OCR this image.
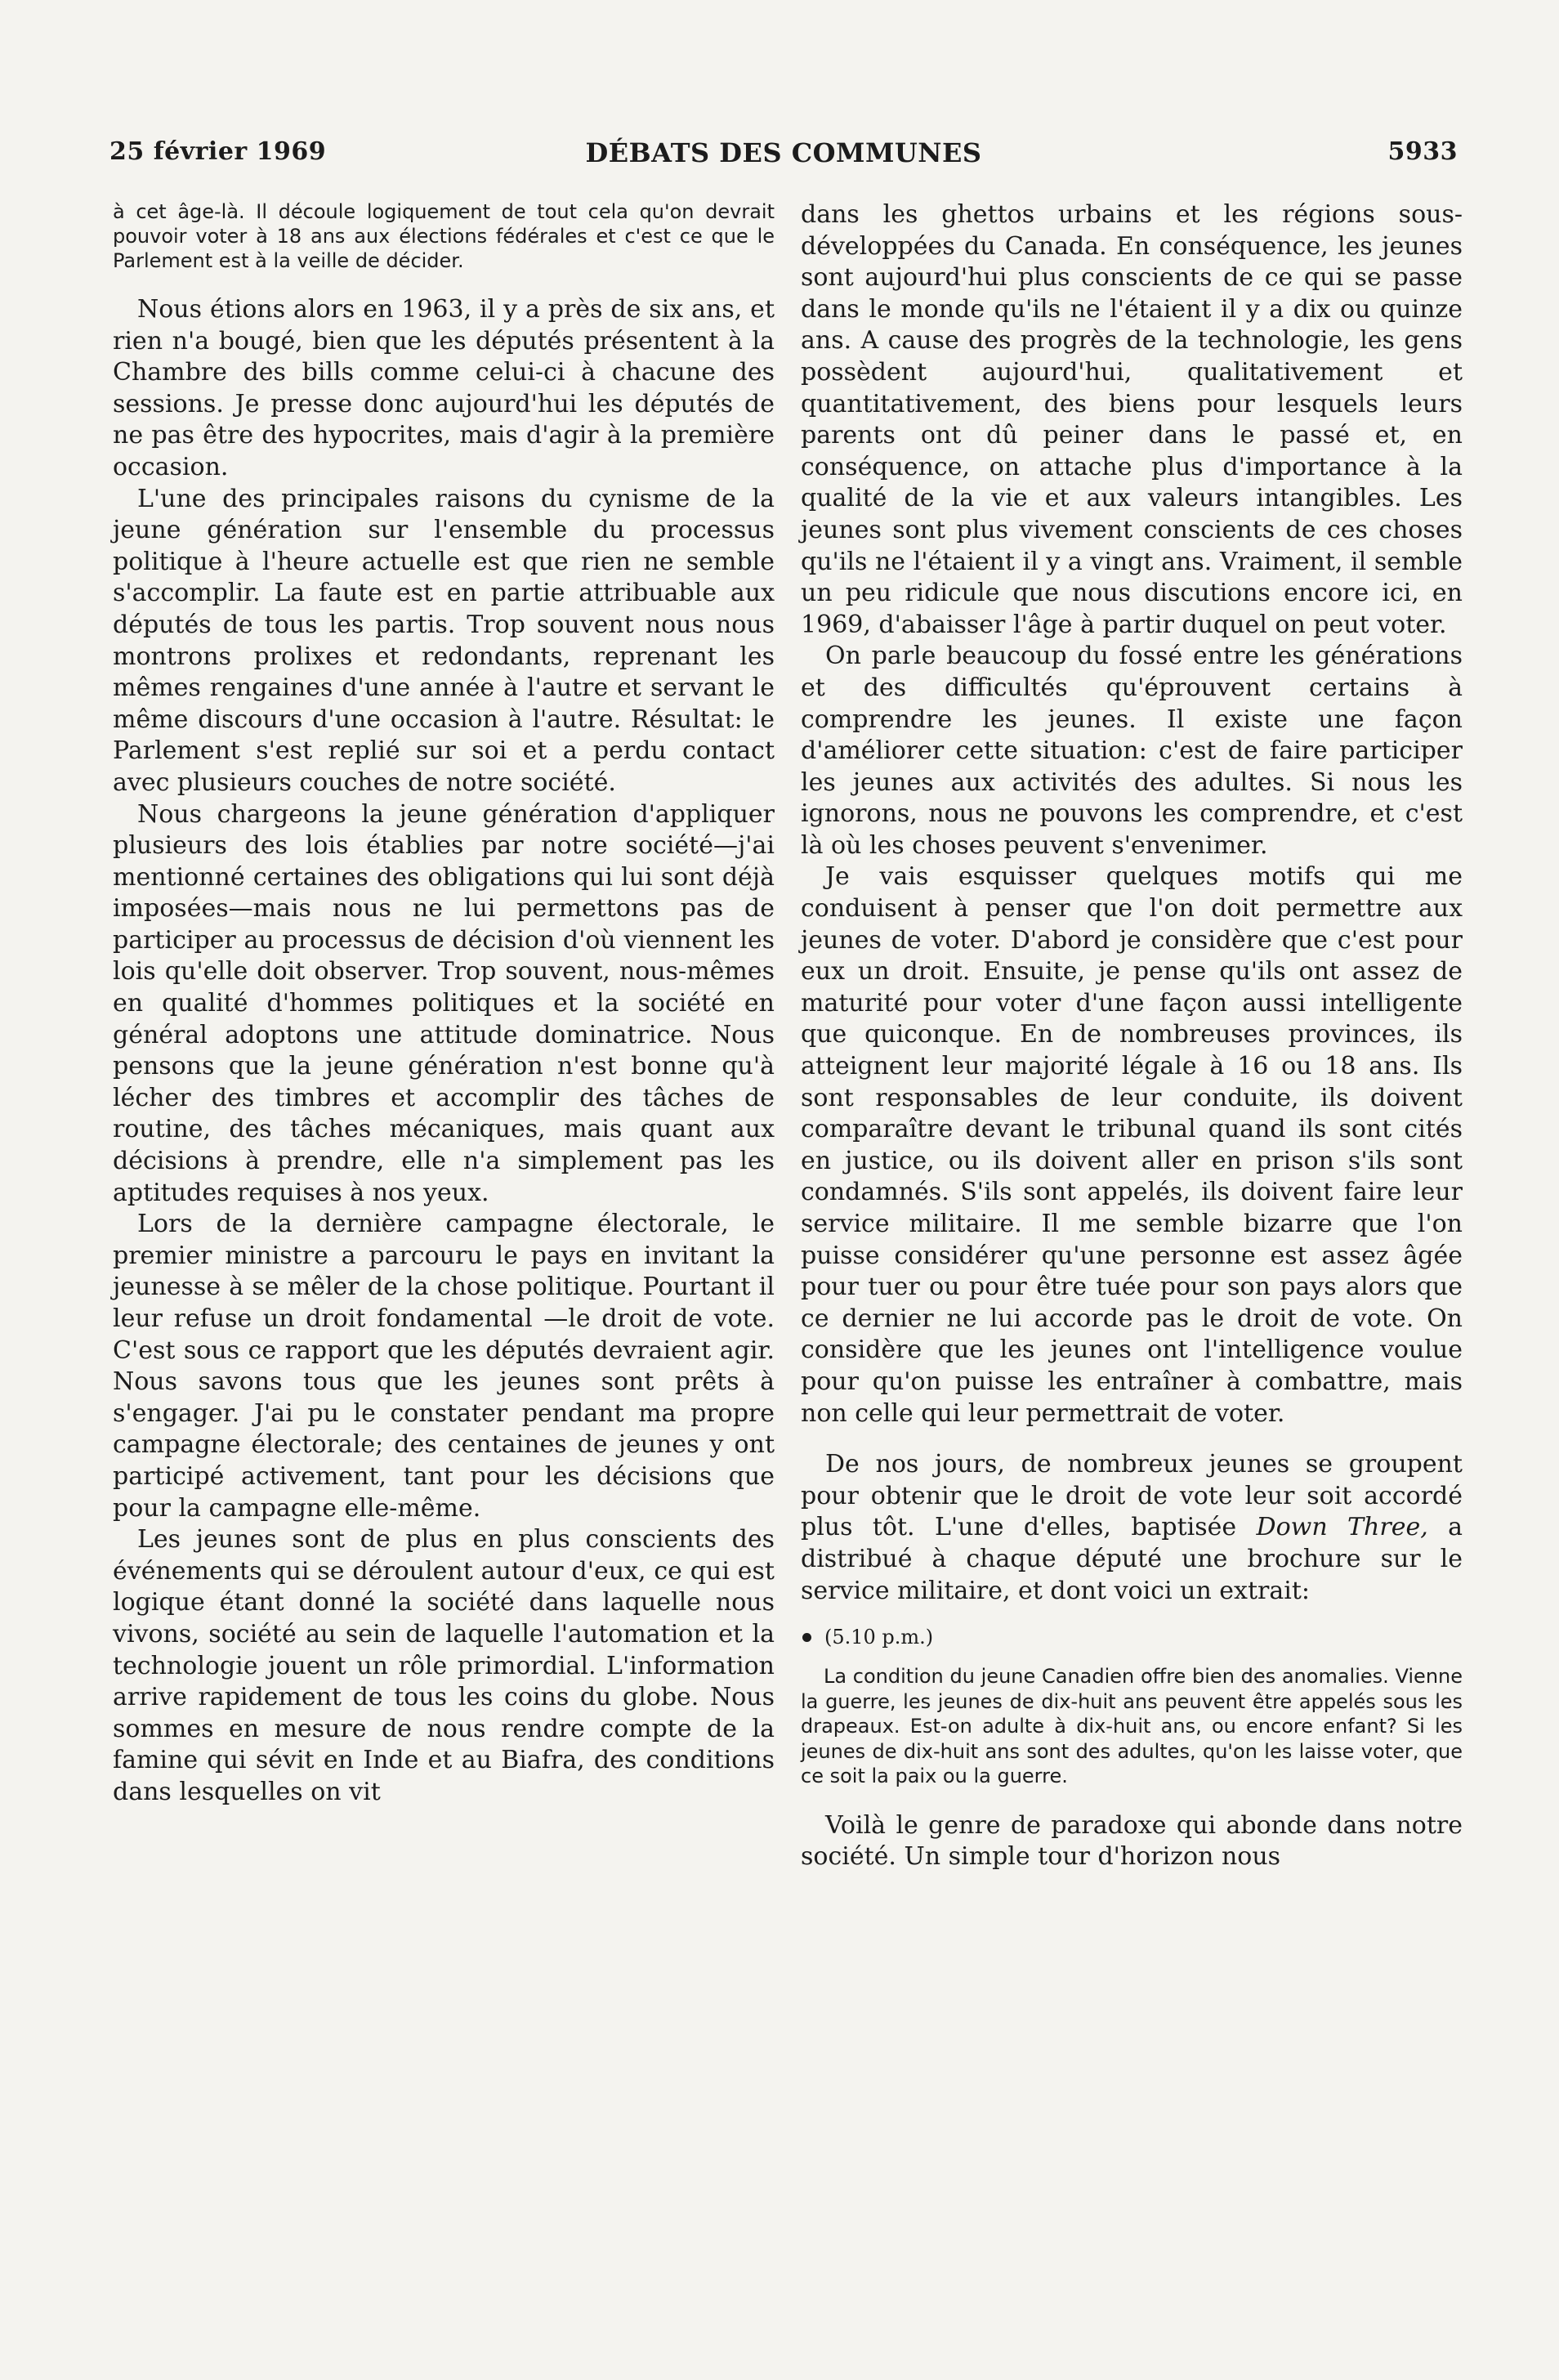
25 février 1969	DÉBATS DES COMMUNES	5933

à cet âge-là. Il découle logiquement de tout cela qu'on devrait pouvoir voter à 18 ans aux élections fédérales et c'est ce que le Parlement est à la veille de décider.

Nous étions alors en 1963, il y a près de six ans, et rien n'a bougé, bien que les députés présentent à la Chambre des bills comme celui-ci à chacune des sessions. Je presse donc aujourd'hui les députés de ne pas être des hypocrites, mais d'agir à la première occasion.

L'une des principales raisons du cynisme de la jeune génération sur l'ensemble du processus politique à l'heure actuelle est que rien ne semble s'accomplir. La faute est en partie attribuable aux députés de tous les partis. Trop souvent nous nous montrons prolixes et redondants, reprenant les mêmes rengaines d'une année à l'autre et servant le même discours d'une occasion à l'autre. Résultat: le Parlement s'est replié sur soi et a perdu contact avec plusieurs couches de notre société.

Nous chargeons la jeune génération d'appliquer plusieurs des lois établies par notre société—j'ai mentionné certaines des obligations qui lui sont déjà imposées—mais nous ne lui permettons pas de participer au processus de décision d'où viennent les lois qu'elle doit observer. Trop souvent, nous-mêmes en qualité d'hommes politiques et la société en général adoptons une attitude dominatrice. Nous pensons que la jeune génération n'est bonne qu'à lécher des timbres et accomplir des tâches de routine, des tâches mécaniques, mais quant aux décisions à prendre, elle n'a simplement pas les aptitudes requises à nos yeux.

Lors de la dernière campagne électorale, le premier ministre a parcouru le pays en invitant la jeunesse à se mêler de la chose politique. Pourtant il leur refuse un droit fondamental —le droit de vote. C'est sous ce rapport que les députés devraient agir. Nous savons tous que les jeunes sont prêts à s'engager. J'ai pu le constater pendant ma propre campagne électorale; des centaines de jeunes y ont participé activement, tant pour les décisions que pour la campagne elle-même.

Les jeunes sont de plus en plus conscients des événements qui se déroulent autour d'eux, ce qui est logique étant donné la société dans laquelle nous vivons, société au sein de laquelle l'automation et la technologie jouent un rôle primordial. L'information arrive rapidement de tous les coins du globe. Nous sommes en mesure de nous rendre compte de la famine qui sévit en Inde et au Biafra, des conditions dans lesquelles on vit

dans les ghettos urbains et les régions sous-développées du Canada. En conséquence, les jeunes sont aujourd'hui plus conscients de ce qui se passe dans le monde qu'ils ne l'étaient il y a dix ou quinze ans. A cause des progrès de la technologie, les gens possèdent aujourd'hui, qualitativement et quantitativement, des biens pour lesquels leurs parents ont dû peiner dans le passé et, en conséquence, on attache plus d'importance à la qualité de la vie et aux valeurs intangibles. Les jeunes sont plus vivement conscients de ces choses qu'ils ne l'étaient il y a vingt ans. Vraiment, il semble un peu ridicule que nous discutions encore ici, en 1969, d'abaisser l'âge à partir duquel on peut voter.

On parle beaucoup du fossé entre les générations et des difficultés qu'éprouvent certains à comprendre les jeunes. Il existe une façon d'améliorer cette situation: c'est de faire participer les jeunes aux activités des adultes. Si nous les ignorons, nous ne pouvons les comprendre, et c'est là où les choses peuvent s'envenimer.

Je vais esquisser quelques motifs qui me conduisent à penser que l'on doit permettre aux jeunes de voter. D'abord je considère que c'est pour eux un droit. Ensuite, je pense qu'ils ont assez de maturité pour voter d'une façon aussi intelligente que quiconque. En de nombreuses provinces, ils atteignent leur majorité légale à 16 ou 18 ans. Ils sont responsables de leur conduite, ils doivent comparaître devant le tribunal quand ils sont cités en justice, ou ils doivent aller en prison s'ils sont condamnés. S'ils sont appelés, ils doivent faire leur service militaire. Il me semble bizarre que l'on puisse considérer qu'une personne est assez âgée pour tuer ou pour être tuée pour son pays alors que ce dernier ne lui accorde pas le droit de vote. On considère que les jeunes ont l'intelligence voulue pour qu'on puisse les entraîner à combattre, mais non celle qui leur permettrait de voter.

De nos jours, de nombreux jeunes se groupent pour obtenir que le droit de vote leur soit accordé plus tôt. L'une d'elles, baptisée Down Three, a distribué à chaque député une brochure sur le service militaire, et dont voici un extrait:

(5.10 p.m.)

La condition du jeune Canadien offre bien des anomalies. Vienne la guerre, les jeunes de dix-huit ans peuvent être appelés sous les drapeaux. Est-on adulte à dix-huit ans, ou encore enfant? Si les jeunes de dix-huit ans sont des adultes, qu'on les laisse voter, que ce soit la paix ou la guerre.

Voilà le genre de paradoxe qui abonde dans notre société. Un simple tour d'horizon nous
